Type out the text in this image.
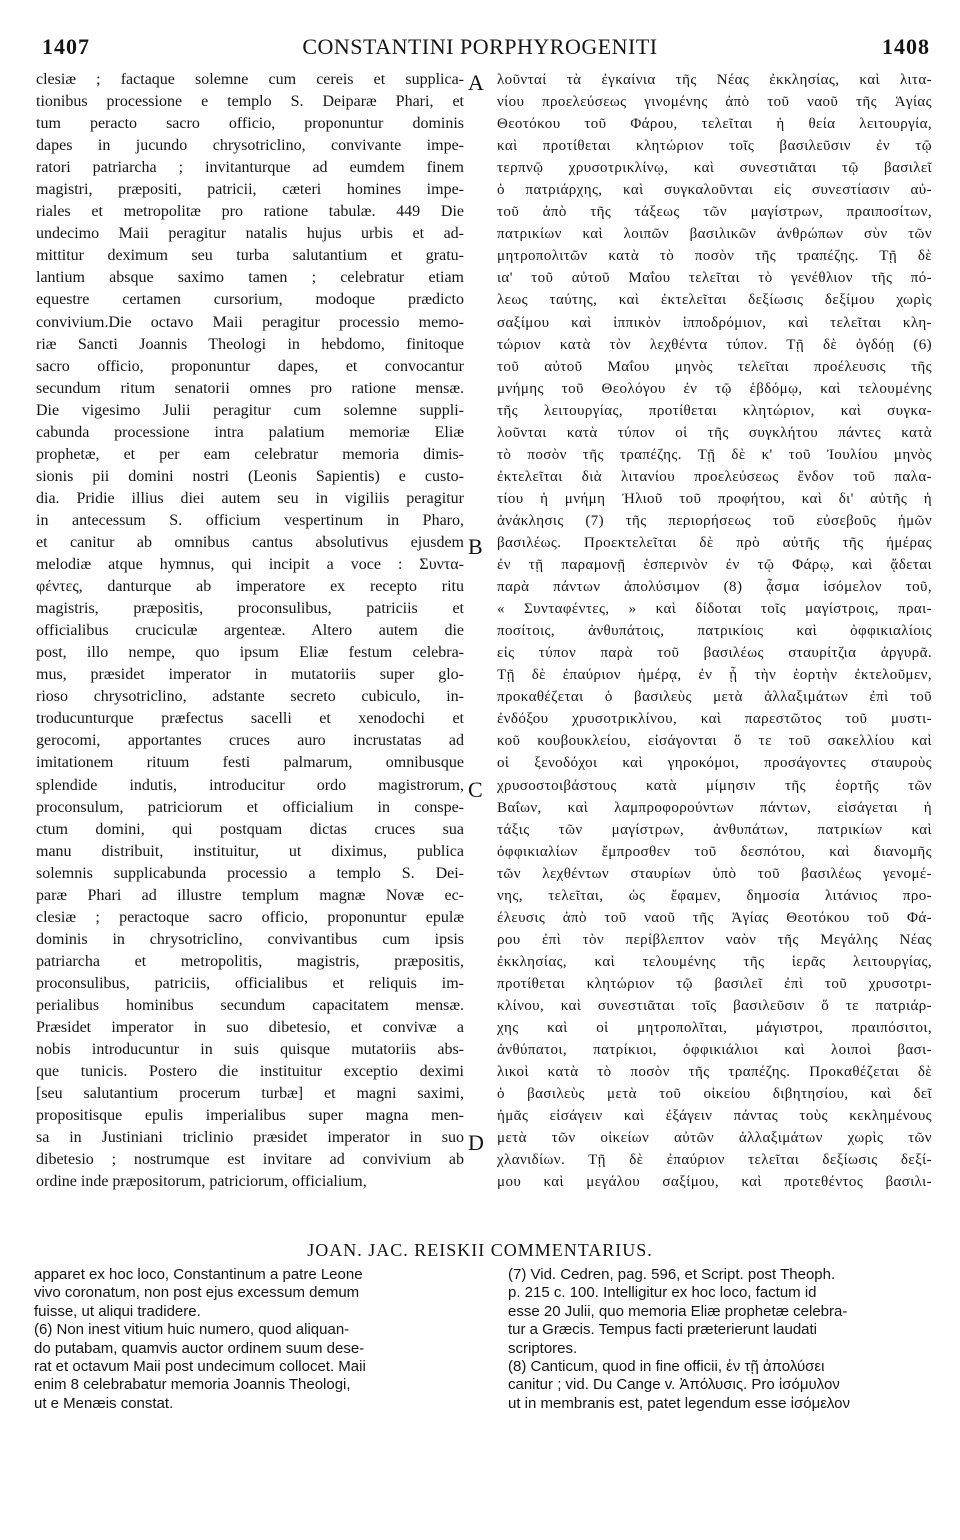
1407	CONSTANTINI PORPHYROGENITI	1408
clesiæ ; factaque solemne cum cereis et supplica-
tionibus processione e templo S. Deiparæ Phari, et
tum peracto sacro officio, proponuntur dominis
dapes in jucundo chrysotriclino, convivante impe-
ratori patriarcha ; invitanturque ad eumdem finem
magistri, præpositi, patricii, cæteri homines impe-
riales et metropolitæ pro ratione tabulæ. 449 Die
undecimo Maii peragitur natalis hujus urbis et ad-
mittitur deximum seu turba salutantium et gratu-
lantium absque saximo tamen ; celebratur etiam
equestre certamen cursorium, modoque prædicto
convivium.Die octavo Maii peragitur processio memo-
riæ Sancti Joannis Theologi in hebdomo, finitoque
sacro officio, proponuntur dapes, et convocantur
secundum ritum senatorii omnes pro ratione mensæ.
Die vigesimo Julii peragitur cum solemne suppli-
cabunda processione intra palatium memoriæ Eliæ
prophetæ, et per eam celebratur memoria dimis-
sionis pii domini nostri (Leonis Sapientis) e custo-
dia. Pridie illius diei autem seu in vigiliis peragitur
in antecessum S. officium vespertinum in Pharo,
et canitur ab omnibus cantus absolutivus ejusdem
melodiæ atque hymnus, qui incipit a voce : Συντα-
φέντες, danturque ab imperatore ex recepto ritu
magistris, præpositis, proconsulibus, patriciis et
officialibus cruciculæ argenteæ. Altero autem die
post, illo nempe, quo ipsum Eliæ festum celebra-
mus, præsidet imperator in mutatoriis super glo-
rioso chrysotriclino, adstante secreto cubiculo, in-
troducunturque præfectus sacelli et xenodochi et
gerocomi, apportantes cruces auro incrustatas ad
imitationem rituum festi palmarum, omnibusque
splendide indutis, introducitur ordo magistrorum,
proconsulum, patriciorum et officialium in conspe-
ctum domini, qui postquam dictas cruces sua
manu distribuit, instituitur, ut diximus, publica
solemnis supplicabunda processio a templo S. Dei-
paræ Phari ad illustre templum magnæ Novæ ec-
clesiæ ; peractoque sacro officio, proponuntur epulæ
dominis in chrysotriclino, convivantibus cum ipsis
patriarcha et metropolitis, magistris, præpositis,
proconsulibus, patriciis, officialibus et reliquis im-
perialibus hominibus secundum capacitatem mensæ.
Præsidet imperator in suo dibetesio, et convivæ a
nobis introducuntur in suis quisque mutatoriis abs-
que tunicis. Postero die instituitur exceptio deximi
[seu salutantium procerum turbæ] et magni saximi,
propositisque epulis imperialibus super magna men-
sa in Justiniani triclinio præsidet imperator in suo
dibetesio ; nostrumque est invitare ad convivium ab
ordine inde præpositorum, patriciorum, officialium,
λοῦνταί τὰ ἐγκαίνια τῆς Νέας ἐκκλησίας, καὶ λιτα-
νίου προελεύσεως γινομένης ἀπὸ τοῦ ναοῦ τῆς Ἁγίας
Θεοτόκου τοῦ Φάρου, τελεῖται ἡ θεία λειτουργία,
καὶ προτίθεται κλητώριον τοῖς βασιλεῦσιν ἐν τῷ
τερπνῷ χρυσοτρικλίνῳ, καὶ συνεστιᾶται τῷ βασιλεῖ
ὁ πατριάρχης, καὶ συγκαλοῦνται εἰς συνεστίασιν αὐ-
τοῦ ἀπὸ τῆς τάξεως τῶν μαγίστρων, πραιποσίτων,
πατρικίων καὶ λοιπῶν βασιλικῶν ἀνθρώπων σὺν τῶν
μητροπολιτῶν κατὰ τὸ ποσὸν τῆς τραπέζης. Τῇ δὲ
ια' τοῦ αὐτοῦ Μαΐου τελεῖται τὸ γενέθλιον τῆς πό-
λεως ταύτης, καὶ ἐκτελεῖται δεξίωσις δεξίμου χωρὶς
σαξίμου καὶ ἱππικὸν ἱπποδρόμιον, καὶ τελεῖται κλη-
τώριον κατὰ τὸν λεχθέντα τύπον. Τῇ δὲ ὀγδόῃ (6)
τοῦ αὐτοῦ Μαΐου μηνὸς τελεῖται προέλευσις τῆς
μνήμης τοῦ Θεολόγου ἐν τῷ ἑβδόμῳ, καὶ τελουμένης
τῆς λειτουργίας, προτίθεται κλητώριον, καὶ συγκα-
λοῦνται κατὰ τύπον οἱ τῆς συγκλήτου πάντες κατὰ
τὸ ποσὸν τῆς τραπέζης. Τῇ δὲ κ' τοῦ Ἰουλίου μηνὸς
ἐκτελεῖται διὰ λιτανίου προελεύσεως ἔνδον τοῦ παλα-
τίου ἡ μνήμη Ἠλιοῦ τοῦ προφήτου, καὶ δι' αὐτῆς ἡ
ἀνάκλησις (7) τῆς περιορήσεως τοῦ εὐσεβοῦς ἡμῶν
βασιλέως. Προεκτελεῖται δὲ πρὸ αὐτῆς τῆς ἡμέρας
ἐν τῇ παραμονῇ ἑσπερινὸν ἐν τῷ Φάρῳ, καὶ ᾄδεται
παρὰ πάντων ἀπολύσιμον (8) ᾆσμα ἰσόμελον τοῦ,
« Συνταφέντες, » καὶ δίδοται τοῖς μαγίστροις, πραι-
ποσίτοις, ἀνθυπάτοις, πατρικίοις καὶ ὀφφικιαλίοις
εἰς τύπον παρὰ τοῦ βασιλέως σταυρίτζια ἀργυρᾶ.
Τῇ δὲ ἐπαύριον ἡμέρᾳ, ἐν ᾗ τὴν ἑορτὴν ἐκτελοῦμεν,
προκαθέζεται ὁ βασιλεὺς μετὰ ἀλλαξιμάτων ἐπὶ τοῦ
ἐνδόξου χρυσοτρικλίνου, καὶ παρεστῶτος τοῦ μυστι-
κοῦ κουβουκλείου, εἰσάγονται ὅ τε τοῦ σακελλίου καὶ
οἱ ξενοδόχοι καὶ γηροκόμοι, προσάγοντες σταυροὺς
χρυσοστοιβάστους κατὰ μίμησιν τῆς ἑορτῆς τῶν
Βαΐων, καὶ λαμπροφορούντων πάντων, εἰσάγεται ἡ
τάξις τῶν μαγίστρων, ἀνθυπάτων, πατρικίων καὶ
ὀφφικιαλίων ἔμπροσθεν τοῦ δεσπότου, καὶ διανομῆς
τῶν λεχθέντων σταυρίων ὑπὸ τοῦ βασιλέως γενομέ-
νης, τελεῖται, ὡς ἔφαμεν, δημοσία λιτάνιος προ-
έλευσις ἀπὸ τοῦ ναοῦ τῆς Ἁγίας Θεοτόκου τοῦ Φά-
ρου ἐπὶ τὸν περίβλεπτον ναὸν τῆς Μεγάλης Νέας
ἐκκλησίας, καὶ τελουμένης τῆς ἱερᾶς λειτουργίας,
προτίθεται κλητώριον τῷ βασιλεῖ ἐπὶ τοῦ χρυσοτρι-
κλίνου, καὶ συνεστιᾶται τοῖς βασιλεῦσιν ὅ τε πατριάρ-
χης καὶ οἱ μητροπολῖται, μάγιστροι, πραιπόσιτοι,
ἀνθύπατοι, πατρίκιοι, ὀφφικιάλιοι καὶ λοιποὶ βασι-
λικοὶ κατὰ τὸ ποσὸν τῆς τραπέζης. Προκαθέζεται δὲ
ὁ βασιλεὺς μετὰ τοῦ οἰκείου διβητησίου, καὶ δεῖ
ἡμᾶς εἰσάγειν καὶ ἐξάγειν πάντας τοὺς κεκλημένους
μετὰ τῶν οἰκείων αὐτῶν ἀλλαξιμάτων χωρὶς τῶν
χλανιδίων. Τῇ δὲ ἐπαύριον τελεῖται δεξίωσις δεξί-
μου καὶ μεγάλου σαξίμου, καὶ προτεθέντος βασιλι-
A
B
C
D
JOAN. JAC. REISKII COMMENTARIUS.
apparet ex hoc loco, Constantinum a patre Leone
vivo coronatum, non post ejus excessum demum
fuisse, ut aliqui tradidere.
(6) Non inest vitium huic numero, quod aliquan-
do putabam, quamvis auctor ordinem suum dese-
rat et octavum Maii post undecimum collocet. Maii
enim 8 celebrabatur memoria Joannis Theologi,
ut e Menæis constat.
(7) Vid. Cedren, pag. 596, et Script. post Theoph.
p. 215 c. 100. Intelligitur ex hoc loco, factum id
esse 20 Julii, quo memoria Eliæ prophetæ celebra-
tur a Græcis. Tempus facti præterierunt laudati
scriptores.
(8) Canticum, quod in fine officii, ἐν τῇ ἀπολύσει
canitur ; vid. Du Cange v. Ἀπόλυσις. Pro ἰσόμυλον
ut in membranis est, patet legendum esse ἰσόμελον
